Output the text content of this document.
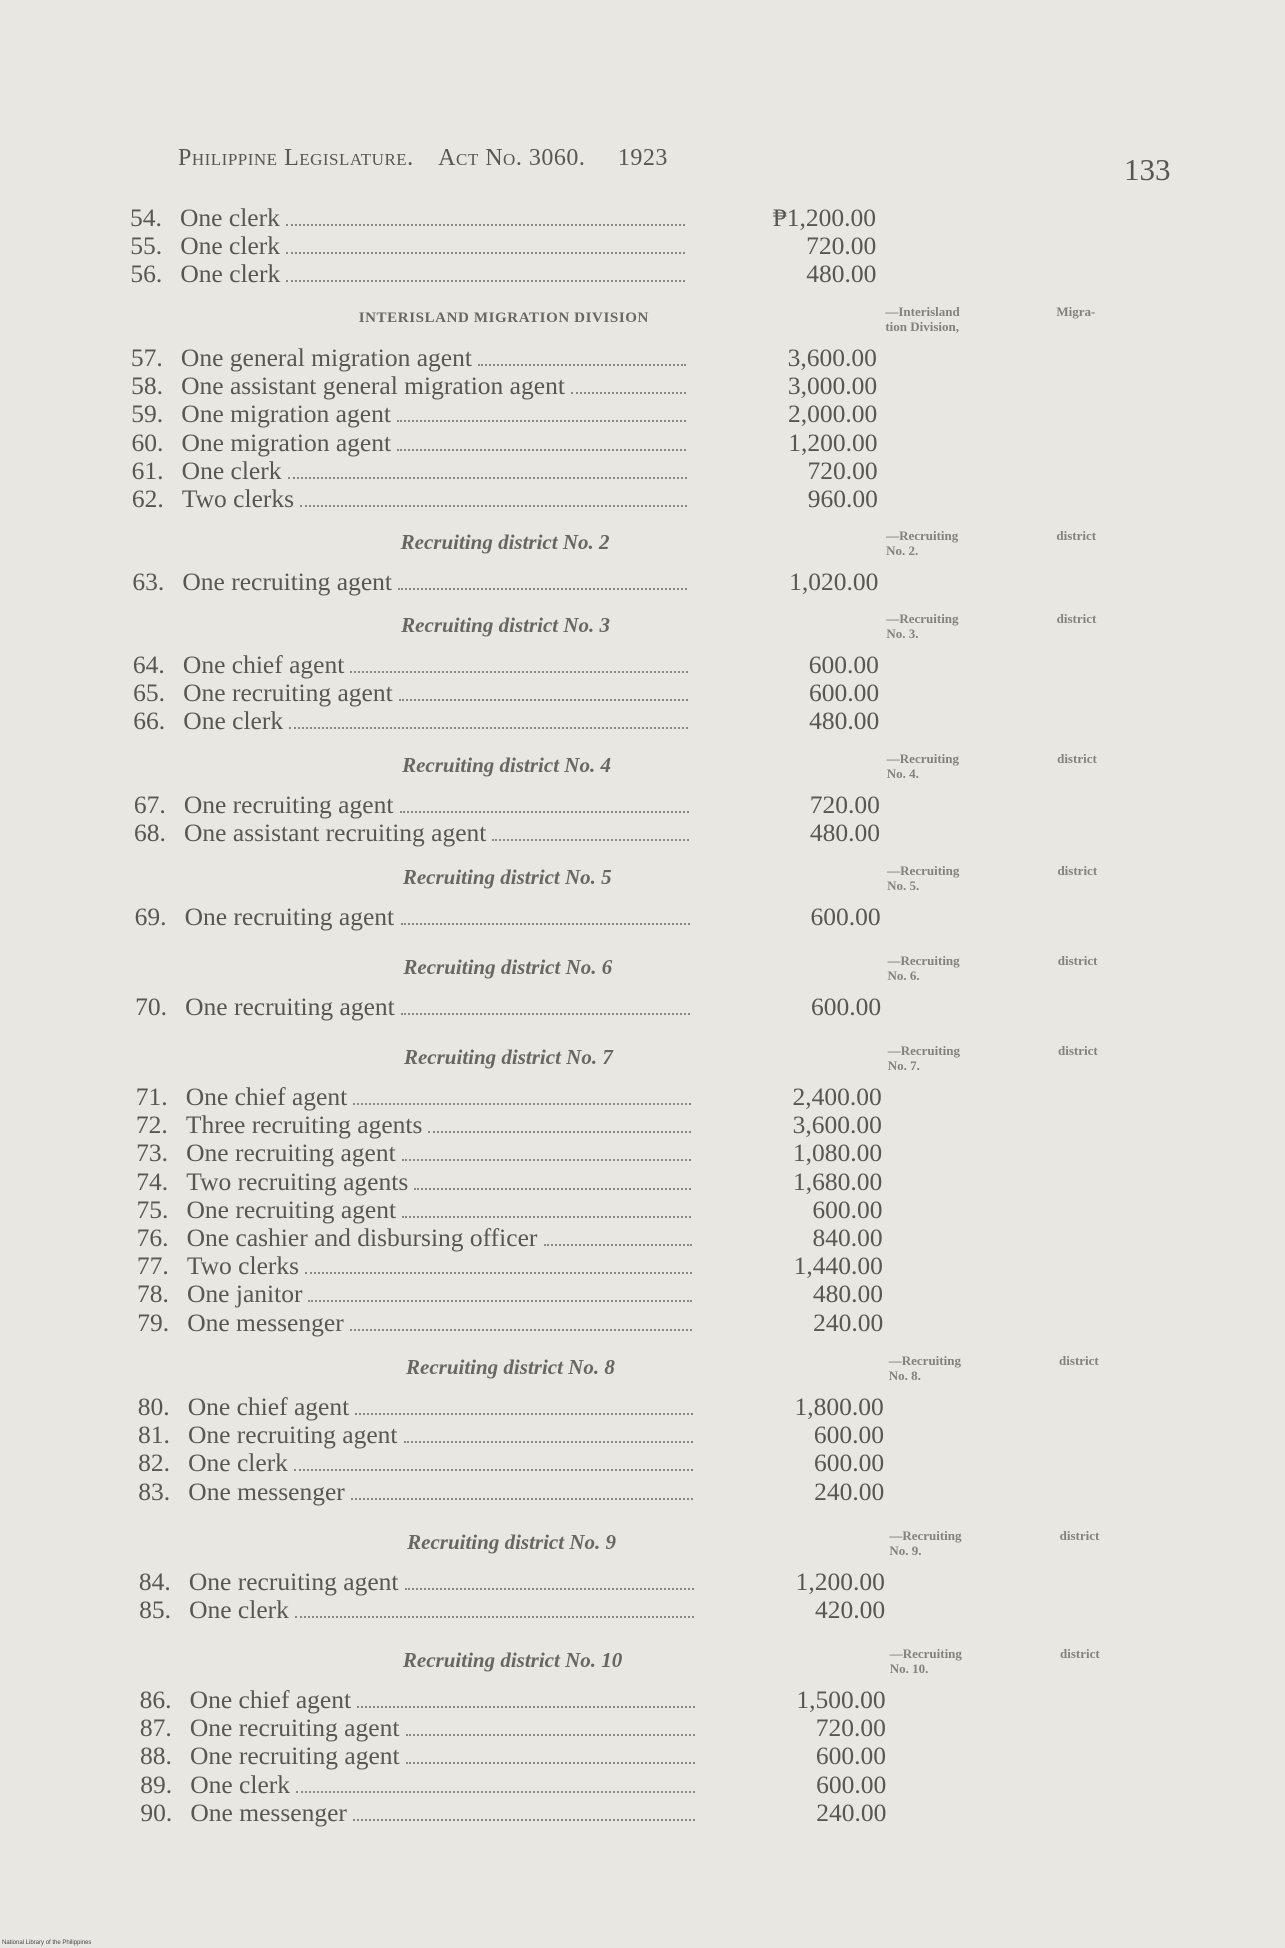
Philippine Legislature. Act No. 3060. 1923	133
54. One clerk	₱1,200.00
55. One clerk	720.00
56. One clerk	480.00
INTERISLAND MIGRATION DIVISION	—Interisland Migra-
tion Division,
57. One general migration agent	3,600.00
58. One assistant general migration agent	3,000.00
59. One migration agent	2,000.00
60. One migration agent	1,200.00
61. One clerk	720.00
62. Two clerks	960.00
Recruiting district No. 2	—Recruiting district
No. 2.
63. One recruiting agent	1,020.00
Recruiting district No. 3	—Recruiting district
No. 3.
64. One chief agent	600.00
65. One recruiting agent	600.00
66. One clerk	480.00
Recruiting district No. 4	—Recruiting district
No. 4.
67. One recruiting agent	720.00
68. One assistant recruiting agent	480.00
Recruiting district No. 5	—Recruiting district
No. 5.
69. One recruiting agent	600.00
Recruiting district No. 6	—Recruiting district
No. 6.
70. One recruiting agent	600.00
Recruiting district No. 7	—Recruiting district
No. 7.
71. One chief agent	2,400.00
72. Three recruiting agents	3,600.00
73. One recruiting agent	1,080.00
74. Two recruiting agents	1,680.00
75. One recruiting agent	600.00
76. One cashier and disbursing officer	840.00
77. Two clerks	1,440.00
78. One janitor	480.00
79. One messenger	240.00
Recruiting district No. 8	—Recruiting district
No. 8.
80. One chief agent	1,800.00
81. One recruiting agent	600.00
82. One clerk	600.00
83. One messenger	240.00
Recruiting district No. 9	—Recruiting district
No. 9.
84. One recruiting agent	1,200.00
85. One clerk	420.00
Recruiting district No. 10	—Recruiting district
No. 10.
86. One chief agent	1,500.00
87. One recruiting agent	720.00
88. One recruiting agent	600.00
89. One clerk	600.00
90. One messenger	240.00
National Library of the Philippines
